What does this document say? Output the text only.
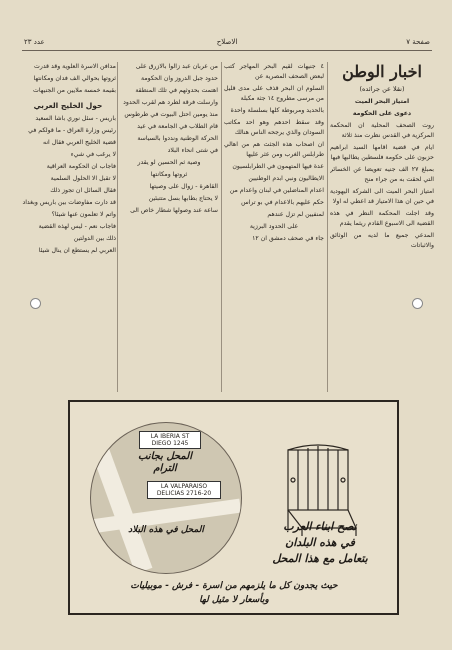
صفحة ٧
الاصلاح
عدد ٢٣
اخبار الوطن
(نقلا عن جرائده)

امتياز البحر الميت

دعوى على الحكومة

روت الصحف المحلية ان المحكمة المركزية في القدس نظرت منذ ثلاثة

ايام في قضية اقامها السيد ابراهيم حزبون على حكومة فلسطين يطالبها فيها

بمبلغ ٢٧ الف جنيه تعويضا عن الخسائر التي لحقت به من جراء منح

امتياز البحر الميت الى الشركة اليهودية في حين ان هذا الامتياز قد اعطي له اولا

وقد اجلت المحكمة النظر في هذه القضية الى الاسبوع القادم ريثما يقدم

المدعي جميع ما لديه من الوثائق والاثباتات

٤ جنيهات لقيم البحر المهاجر كتب لبعض الصحف المصرية عن

السلوم ان البحر قذف على مدى قليل من مرسى مطروح ١٤ جثة مكبلة

بالحديد ومربوطة كلها بسلسلة واحدة

وقد سقط احدهم وهو احد مكاتب السودان والذي يرجحه الناس هنالك

ان اصحاب هذه الجثث هم من اهالي طرابلس الغرب ومن عثر عليها

عدة فيها المتهمون في الطرابلسيون

الايطاليون ونبي ابدم الوطنيين

اعدام المناضلين في لبنان واعدام من

حكم عليهم بالاعدام في بو تراس

لمنفيين لم تزل عندهم

على الحدود البرزية

جاء في صحف دمشق ان ١٢

من عربان عبد زالوا بالازرق على

حدود جبل الدروز وان الحكومة

اهتمت بحدوثهم في تلك المنطقة

وارسلت فرقة لطرد هم لقرب الحدود

منذ يومين احتل البيوت في طرطوس

قام الطلاب في الجامعة في عيد

الحركة الوطنية ونددوا بالسياسة

في شتى انحاء البلاد

وصية ثم الحسين لو يقدر

ثروتها ومكانتها

القاهرة - زوال على وصيتها

لا يحتاج بطابها بسل متتبئين

ساعة عند وصولها شطار خاص الى

مدافن الاسرة العلوية وقد قدرت

ثروتها بحوالي الف فدان ومكانتها

بقيمة خمسة ملايين من الجنيهات

حول الخليج العربي

باريس - سئل نوري باشا السعيد

رئيس وزارة العراق - ما قولكم في

قضية الخليج العربي فقال انه

لا يرغب في شيء

فاجاب ان الحكومة العراقية

لا تقبل الا الحلول السلمية

فقال السائل ان تجوز ذلك

قد دارت مفاوضات بين باريس وبغداد

واتم لا تعلمون عنها شيئا؟

فاجاب نعم - ليس لهذه القضية

ذلك بين الدولتين

العربي لم يستطع ان ينال شيئا

LA IBERIA ST DIEGO 1245
LA VALPARAISO DELICIAS 2716-20
المحل بجانب
الترام
المحل في هذه البلاد	نصح ابناء العرب
في هذه البلدان
بتعامل مع هذا المحل
حيث يجدون كل ما يلزمهم من اسرة - فرش - موبيليات
وبأسعار لا مثيل لها
